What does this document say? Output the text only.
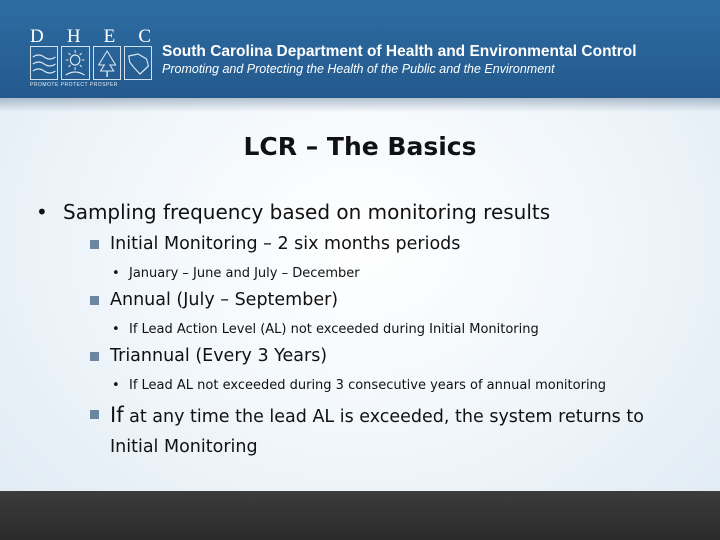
D H E C
PROMOTE PROTECT PROSPER
South Carolina Department of Health and Environmental Control
Promoting and Protecting the Health of the Public and the Environment
LCR – The Basics
• Sampling frequency based on monitoring results
Initial Monitoring – 2 six months periods
• January – June and July – December
Annual (July – September)
• If Lead Action Level (AL) not exceeded during Initial Monitoring
Triannual (Every 3 Years)
• If Lead AL not exceeded during 3 consecutive years of annual monitoring
If at any time the lead AL is exceeded, the system returns to Initial Monitoring
